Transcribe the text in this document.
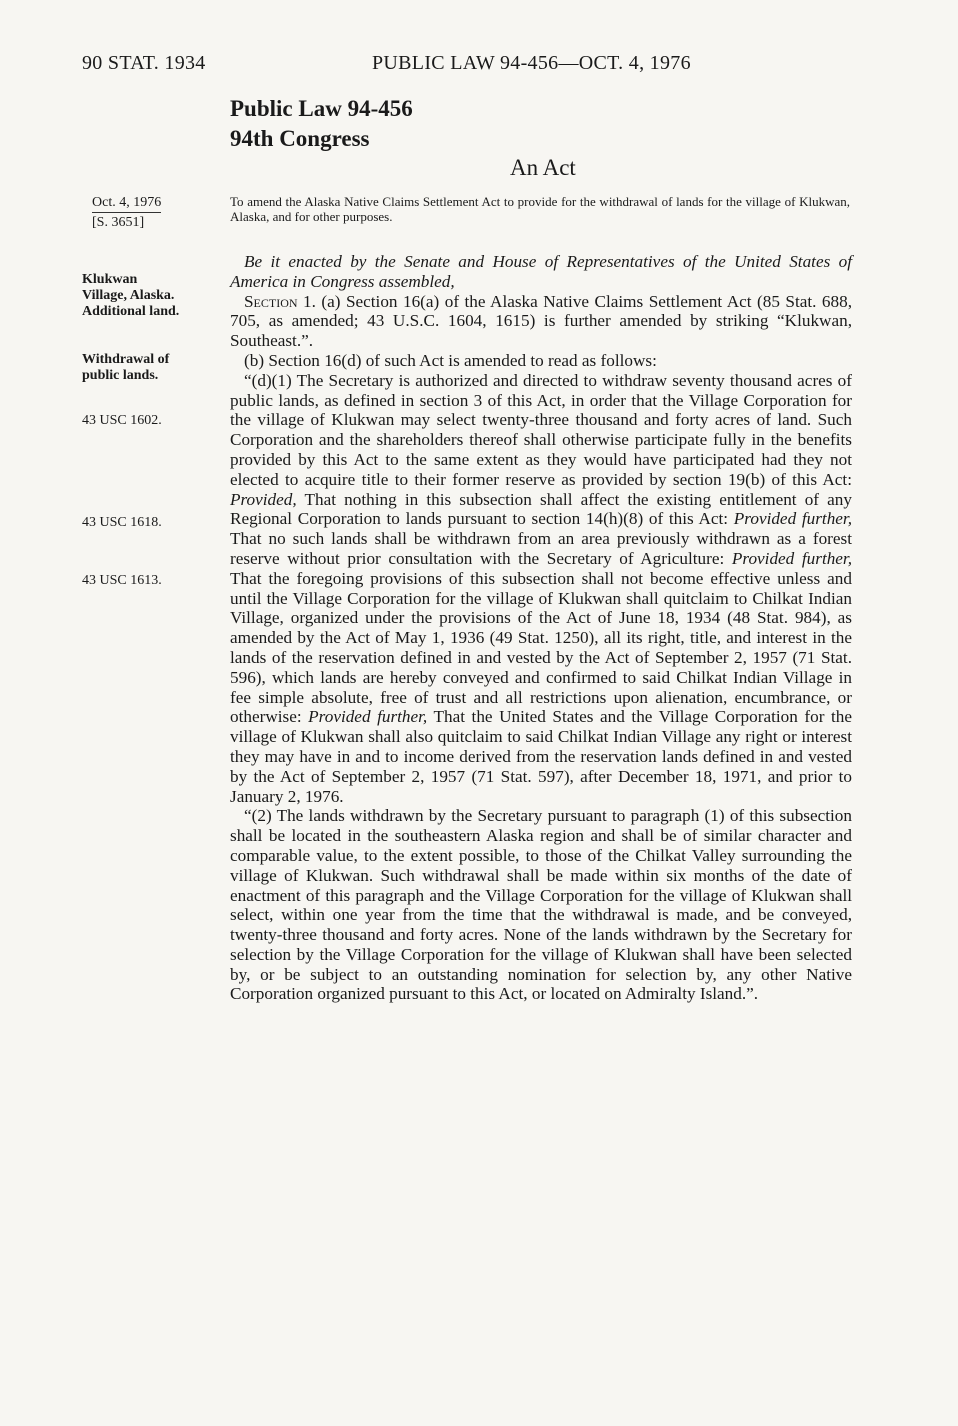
90 STAT. 1934	PUBLIC LAW 94-456—OCT. 4, 1976
Public Law 94-456
94th Congress
An Act
Oct. 4, 1976
[S. 3651]
Klukwan
Village, Alaska.
Additional land.
Withdrawal of
public lands.
43 USC 1602.
43 USC 1618.
43 USC 1613.
To amend the Alaska Native Claims Settlement Act to provide for the withdrawal of lands for the village of Klukwan, Alaska, and for other purposes.

Be it enacted by the Senate and House of Representatives of the United States of America in Congress assembled,

Section 1. (a) Section 16(a) of the Alaska Native Claims Settlement Act (85 Stat. 688, 705, as amended; 43 U.S.C. 1604, 1615) is further amended by striking “Klukwan, Southeast.”.

(b) Section 16(d) of such Act is amended to read as follows:

“(d)(1) The Secretary is authorized and directed to withdraw seventy thousand acres of public lands, as defined in section 3 of this Act, in order that the Village Corporation for the village of Klukwan may select twenty-three thousand and forty acres of land. Such Corporation and the shareholders thereof shall otherwise participate fully in the benefits provided by this Act to the same extent as they would have participated had they not elected to acquire title to their former reserve as provided by section 19(b) of this Act: Provided, That nothing in this subsection shall affect the existing entitlement of any Regional Corporation to lands pursuant to section 14(h)(8) of this Act: Provided further, That no such lands shall be withdrawn from an area previously withdrawn as a forest reserve without prior consultation with the Secretary of Agriculture: Provided further, That the foregoing provisions of this subsection shall not become effective unless and until the Village Corporation for the village of Klukwan shall quitclaim to Chilkat Indian Village, organized under the provisions of the Act of June 18, 1934 (48 Stat. 984), as amended by the Act of May 1, 1936 (49 Stat. 1250), all its right, title, and interest in the lands of the reservation defined in and vested by the Act of September 2, 1957 (71 Stat. 596), which lands are hereby conveyed and confirmed to said Chilkat Indian Village in fee simple absolute, free of trust and all restrictions upon alienation, encumbrance, or otherwise: Provided further, That the United States and the Village Corporation for the village of Klukwan shall also quitclaim to said Chilkat Indian Village any right or interest they may have in and to income derived from the reservation lands defined in and vested by the Act of September 2, 1957 (71 Stat. 597), after December 18, 1971, and prior to January 2, 1976.

“(2) The lands withdrawn by the Secretary pursuant to paragraph (1) of this subsection shall be located in the southeastern Alaska region and shall be of similar character and comparable value, to the extent possible, to those of the Chilkat Valley surrounding the village of Klukwan. Such withdrawal shall be made within six months of the date of enactment of this paragraph and the Village Corporation for the village of Klukwan shall select, within one year from the time that the withdrawal is made, and be conveyed, twenty-three thousand and forty acres. None of the lands withdrawn by the Secretary for selection by the Village Corporation for the village of Klukwan shall have been selected by, or be subject to an outstanding nomination for selection by, any other Native Corporation organized pursuant to this Act, or located on Admiralty Island.”.
